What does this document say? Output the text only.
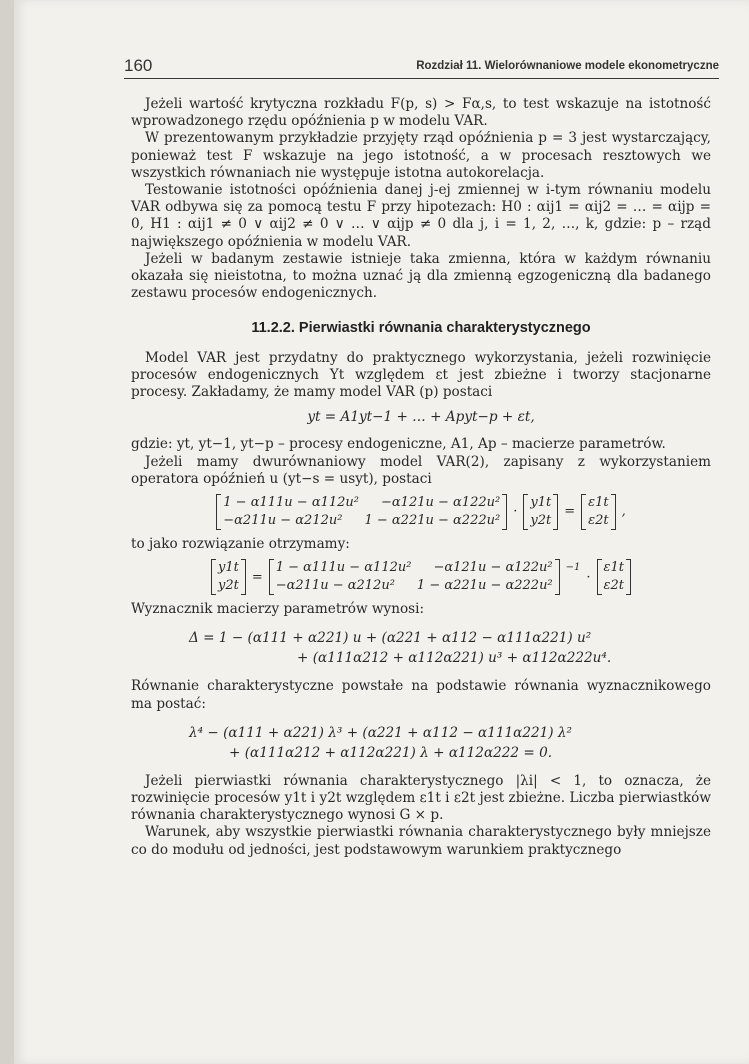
160	Rozdział 11. Wielorównaniowe modele ekonometryczne

Jeżeli wartość krytyczna rozkładu F(p, s) > Fα,s, to test wskazuje na istotność wprowadzonego rzędu opóźnienia p w modelu VAR.

W prezentowanym przykładzie przyjęty rząd opóźnienia p = 3 jest wystarczający, ponieważ test F wskazuje na jego istotność, a w procesach resztowych we wszystkich równaniach nie występuje istotna autokorelacja.

Testowanie istotności opóźnienia danej j-ej zmiennej w i-tym równaniu modelu VAR odbywa się za pomocą testu F przy hipotezach: H0 : αij1 = αij2 = … = αijp = 0, H1 : αij1 ≠ 0 ∨ αij2 ≠ 0 ∨ … ∨ αijp ≠ 0 dla j, i = 1, 2, …, k, gdzie: p – rząd największego opóźnienia w modelu VAR.

Jeżeli w badanym zestawie istnieje taka zmienna, która w każdym równaniu okazała się nieistotna, to można uznać ją dla zmienną egzogeniczną dla badanego zestawu procesów endogenicznych.

11.2.2. Pierwiastki równania charakterystycznego

Model VAR jest przydatny do praktycznego wykorzystania, jeżeli rozwinięcie procesów endogenicznych Yt względem εt jest zbieżne i tworzy stacjonarne procesy. Zakładamy, że mamy model VAR (p) postaci

yt = A1yt−1 + … + Apyt−p + εt,

gdzie: yt, yt−1, yt−p – procesy endogeniczne, A1, Ap – macierze parametrów.

Jeżeli mamy dwurównaniowy model VAR(2), zapisany z wykorzystaniem operatora opóźnień u (yt−s = usyt), postaci

1 − α111u − α112u² −α121u − α122u²
−α211u − α212u² 1 − α221u − α222u²
·
y1t
y2t
=
ε1t
ε2t
,

to jako rozwiązanie otrzymamy:

y1t
y2t
=
1 − α111u − α112u² −α121u − α122u²
−α211u − α212u² 1 − α221u − α222u²
$^{-1}$
·
ε1t
ε2t

Wyznacznik macierzy parametrów wynosi:

Δ = 1 − (α111 + α221) u + (α221 + α112 − α111α221) u²
+ (α111α212 + α112α221) u³ + α112α222u⁴.

Równanie charakterystyczne powstałe na podstawie równania wyznacznikowego ma postać:

λ⁴ − (α111 + α221) λ³ + (α221 + α112 − α111α221) λ²
+ (α111α212 + α112α221) λ + α112α222 = 0.

Jeżeli pierwiastki równania charakterystycznego |λi| < 1, to oznacza, że rozwinięcie procesów y1t i y2t względem ε1t i ε2t jest zbieżne. Liczba pierwiastków równania charakterystycznego wynosi G × p.

Warunek, aby wszystkie pierwiastki równania charakterystycznego były mniejsze co do modułu od jedności, jest podstawowym warunkiem praktycznego
